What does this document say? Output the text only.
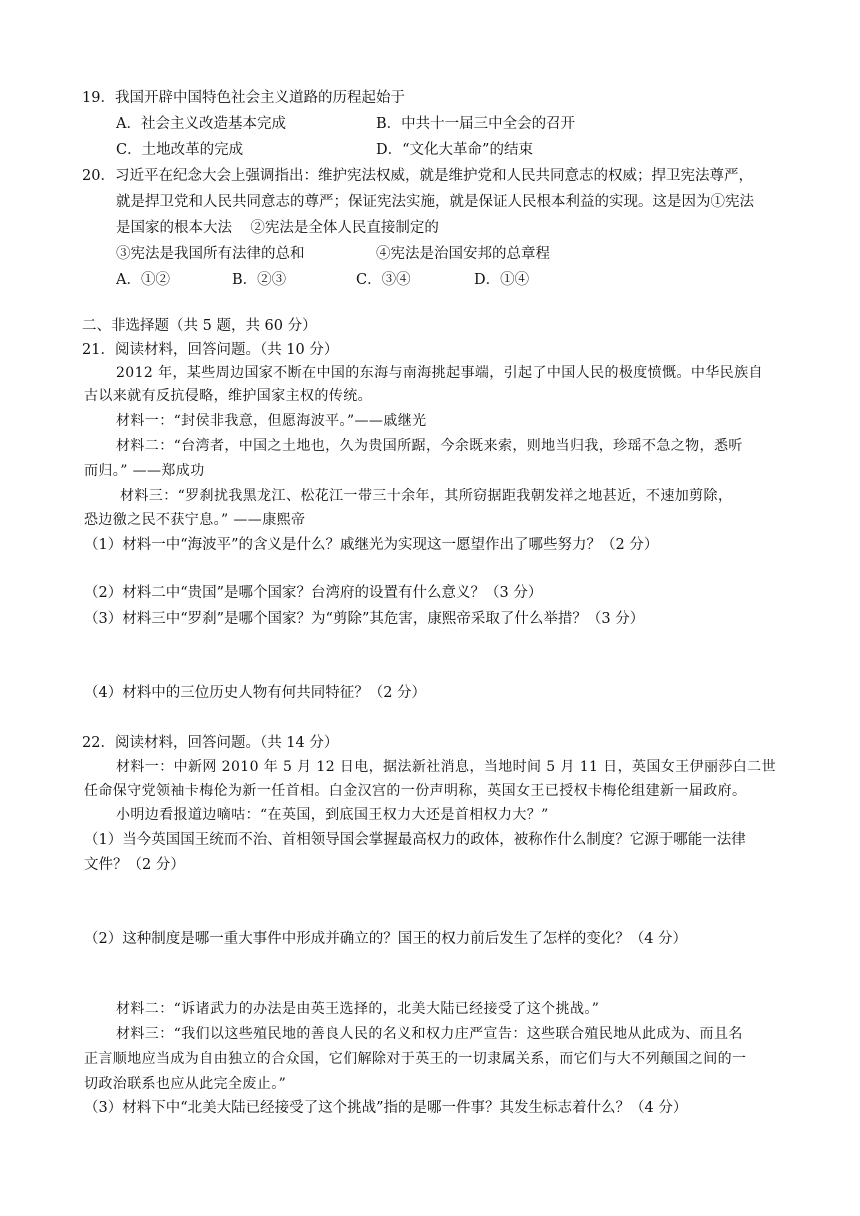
19．我国开辟中国特色社会主义道路的历程起始于
A．社会主义改造基本完成	B．中共十一届三中全会的召开
C．土地改革的完成	D．“文化大革命”的结束
20．习近平在纪念大会上强调指出：维护宪法权威，就是维护党和人民共同意志的权威；捍卫宪法尊严，
就是捍卫党和人民共同意志的尊严；保证宪法实施，就是保证人民根本利益的实现。这是因为①宪法
是国家的根本大法    ②宪法是全体人民直接制定的
③宪法是我国所有法律的总和	④宪法是治国安邦的总章程
A．①②	B．②③	C．③④	D．①④
二、非选择题（共 5 题，共 60 分）
21．阅读材料，回答问题。（共 10 分）
2012 年，某些周边国家不断在中国的东海与南海挑起事端，引起了中国人民的极度愤慨。中华民族自
古以来就有反抗侵略，维护国家主权的传统。
材料一：“封侯非我意，但愿海波平。”——戚继光
材料二：“台湾者，中国之土地也，久为贵国所踞，今余既来索，则地当归我，珍瑶不急之物，悉听
而归。” ——郑成功
材料三：“罗刹扰我黑龙江、松花江一带三十余年，其所窃据距我朝发祥之地甚近，不速加剪除，
恐边徼之民不获宁息。” ——康熙帝
（1）材料一中“海波平”的含义是什么？戚继光为实现这一愿望作出了哪些努力？（2 分）
（2）材料二中“贵国”是哪个国家？台湾府的设置有什么意义？（3 分）
（3）材料三中“罗刹”是哪个国家？为“剪除”其危害，康熙帝采取了什么举措？（3 分）
（4）材料中的三位历史人物有何共同特征？（2 分）
22．阅读材料，回答问题。（共 14 分）
材料一：中新网 2010 年 5 月 12 日电，据法新社消息，当地时间 5 月 11 日，英国女王伊丽莎白二世
任命保守党领袖卡梅伦为新一任首相。白金汉宫的一份声明称，英国女王已授权卡梅伦组建新一届政府。
小明边看报道边嘀咕：“在英国，到底国王权力大还是首相权力大？”
（1）当今英国国王统而不治、首相领导国会掌握最高权力的政体，被称作什么制度？它源于哪能一法律
文件？（2 分）
（2）这种制度是哪一重大事件中形成并确立的？国王的权力前后发生了怎样的变化？（4 分）
材料二：“诉诸武力的办法是由英王选择的，北美大陆已经接受了这个挑战。”
材料三：“我们以这些殖民地的善良人民的名义和权力庄严宣告：这些联合殖民地从此成为、而且名
正言顺地应当成为自由独立的合众国，它们解除对于英王的一切隶属关系，而它们与大不列颠国之间的一
切政治联系也应从此完全废止。”
（3）材料下中“北美大陆已经接受了这个挑战”指的是哪一件事？其发生标志着什么？（4 分）
